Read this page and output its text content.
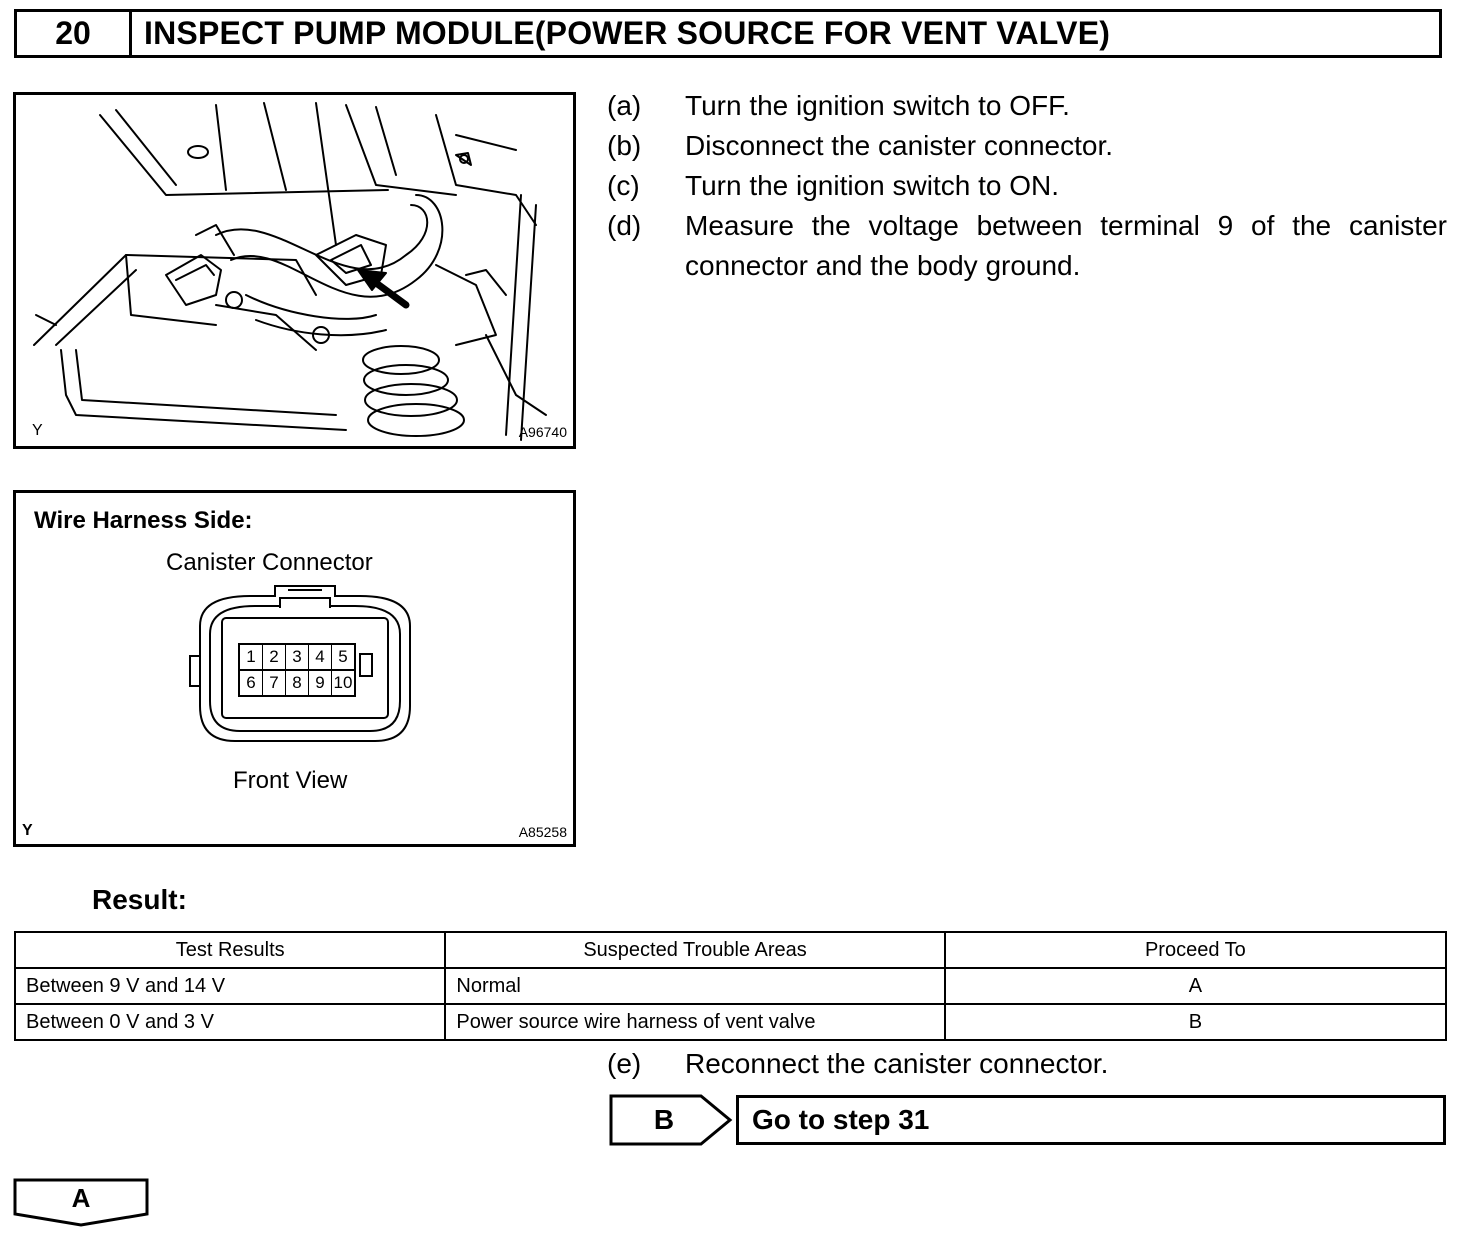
20	INSPECT PUMP MODULE(POWER SOURCE FOR VENT VALVE)
Y	A96740
Wire Harness Side:
Canister Connector
1 2 3 4 5
6 7 8 9 10
Front View
Y	A85258
(a)	Turn the ignition switch to OFF.
(b)	Disconnect the canister connector.
(c)	Turn the ignition switch to ON.
(d)	Measure the voltage between terminal 9 of the canister connector and the body ground.
Result:
Test Results	Suspected Trouble Areas	Proceed To
Between 9 V and 14 V	Normal	A
Between 0 V and 3 V	Power source wire harness of vent valve	B
(e)	Reconnect the canister connector.
B	Go to step 31
A
